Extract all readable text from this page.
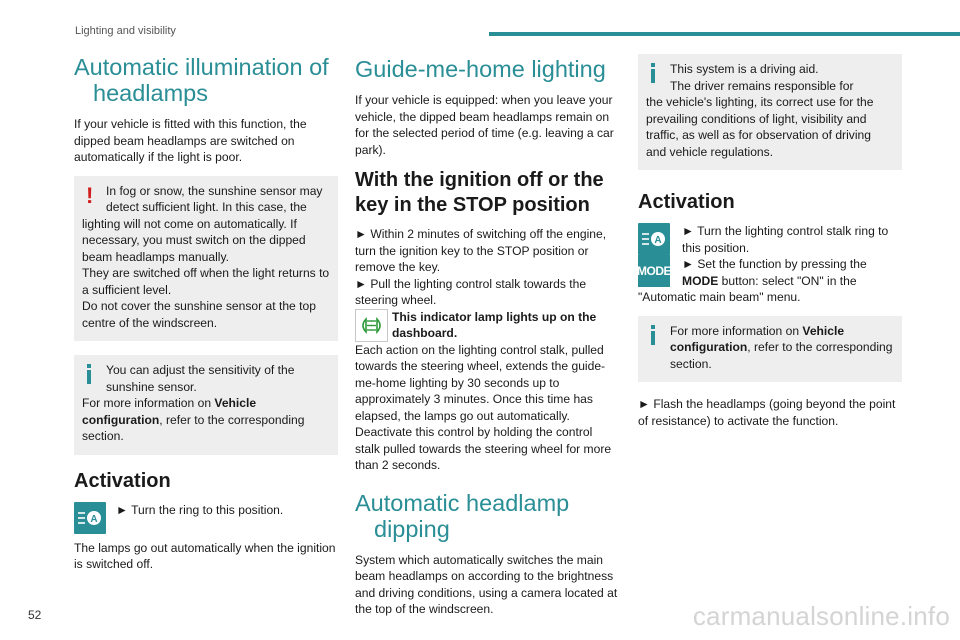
Lighting and visibility
Automatic illumination of
headlamps

If your vehicle is fitted with this function, the dipped beam headlamps are switched on automatically if the light is poor.

!	In fog or snow, the sunshine sensor may detect sufficient light. In this case, the
lighting will not come on automatically. If necessary, you must switch on the dipped beam headlamps manually.
They are switched off when the light returns to a sufficient level.
Do not cover the sunshine sensor at the top centre of the windscreen.
You can adjust the sensitivity of the sunshine sensor.
For more information on Vehicle configuration, refer to the corresponding section.
Activation
A
► Turn the ring to this position.

The lamps go out automatically when the ignition is switched off.

Guide-me-home lighting

If your vehicle is equipped: when you leave your vehicle, the dipped beam headlamps remain on for the selected period of time (e.g. leaving a car park).

With the ignition off or the key in the STOP position

► Within 2 minutes of switching off the engine, turn the ignition key to the STOP position or remove the key.

► Pull the lighting control stalk towards the steering wheel.

This indicator lamp lights up on the dashboard.

Each action on the lighting control stalk, pulled towards the steering wheel, extends the guide-me-home lighting by 30 seconds up to approximately 3 minutes. Once this time has elapsed, the lamps go out automatically. Deactivate this control by holding the control stalk pulled towards the steering wheel for more than 2 seconds.

Automatic headlamp
dipping

System which automatically switches the main beam headlamps on according to the brightness and driving conditions, using a camera located at the top of the windscreen.

This system is a driving aid.
The driver remains responsible for
the vehicle's lighting, its correct use for the prevailing conditions of light, visibility and traffic, as well as for observation of driving and vehicle regulations.
Activation
A
MODE
► Turn the lighting control stalk ring to this position.
► Set the function by pressing the MODE button: select "ON" in the

"Automatic main beam" menu.

For more information on Vehicle configuration, refer to the corresponding section.

► Flash the headlamps (going beyond the point of resistance) to activate the function.

52	carmanualsonline.info
